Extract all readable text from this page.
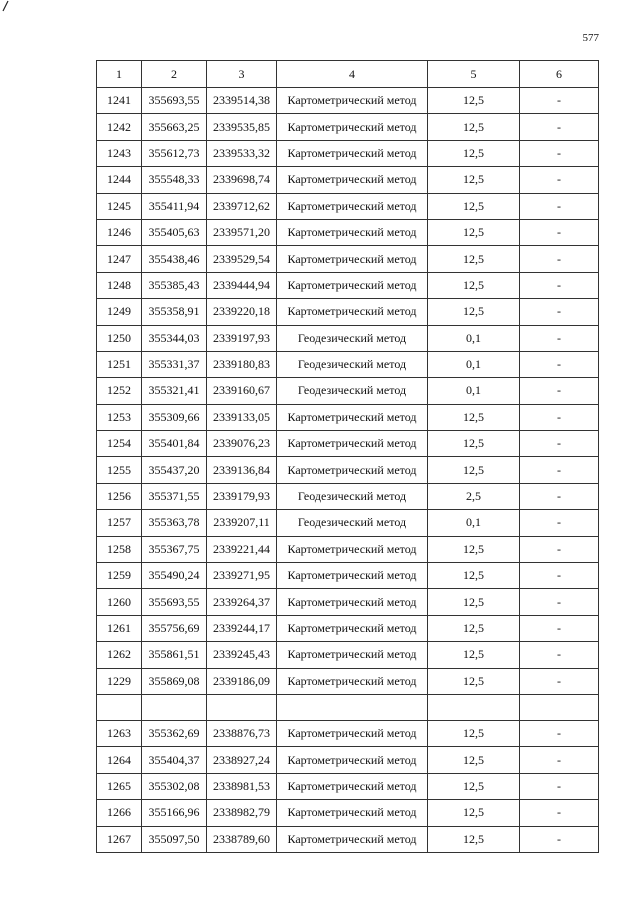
577
1	2	3	4	5	6
1241	355693,55	2339514,38	Картометрический метод	12,5	-
1242	355663,25	2339535,85	Картометрический метод	12,5	-
1243	355612,73	2339533,32	Картометрический метод	12,5	-
1244	355548,33	2339698,74	Картометрический метод	12,5	-
1245	355411,94	2339712,62	Картометрический метод	12,5	-
1246	355405,63	2339571,20	Картометрический метод	12,5	-
1247	355438,46	2339529,54	Картометрический метод	12,5	-
1248	355385,43	2339444,94	Картометрический метод	12,5	-
1249	355358,91	2339220,18	Картометрический метод	12,5	-
1250	355344,03	2339197,93	Геодезический метод	0,1	-
1251	355331,37	2339180,83	Геодезический метод	0,1	-
1252	355321,41	2339160,67	Геодезический метод	0,1	-
1253	355309,66	2339133,05	Картометрический метод	12,5	-
1254	355401,84	2339076,23	Картометрический метод	12,5	-
1255	355437,20	2339136,84	Картометрический метод	12,5	-
1256	355371,55	2339179,93	Геодезический метод	2,5	-
1257	355363,78	2339207,11	Геодезический метод	0,1	-
1258	355367,75	2339221,44	Картометрический метод	12,5	-
1259	355490,24	2339271,95	Картометрический метод	12,5	-
1260	355693,55	2339264,37	Картометрический метод	12,5	-
1261	355756,69	2339244,17	Картометрический метод	12,5	-
1262	355861,51	2339245,43	Картометрический метод	12,5	-
1229	355869,08	2339186,09	Картометрический метод	12,5	-

1263	355362,69	2338876,73	Картометрический метод	12,5	-
1264	355404,37	2338927,24	Картометрический метод	12,5	-
1265	355302,08	2338981,53	Картометрический метод	12,5	-
1266	355166,96	2338982,79	Картометрический метод	12,5	-
1267	355097,50	2338789,60	Картометрический метод	12,5	-
